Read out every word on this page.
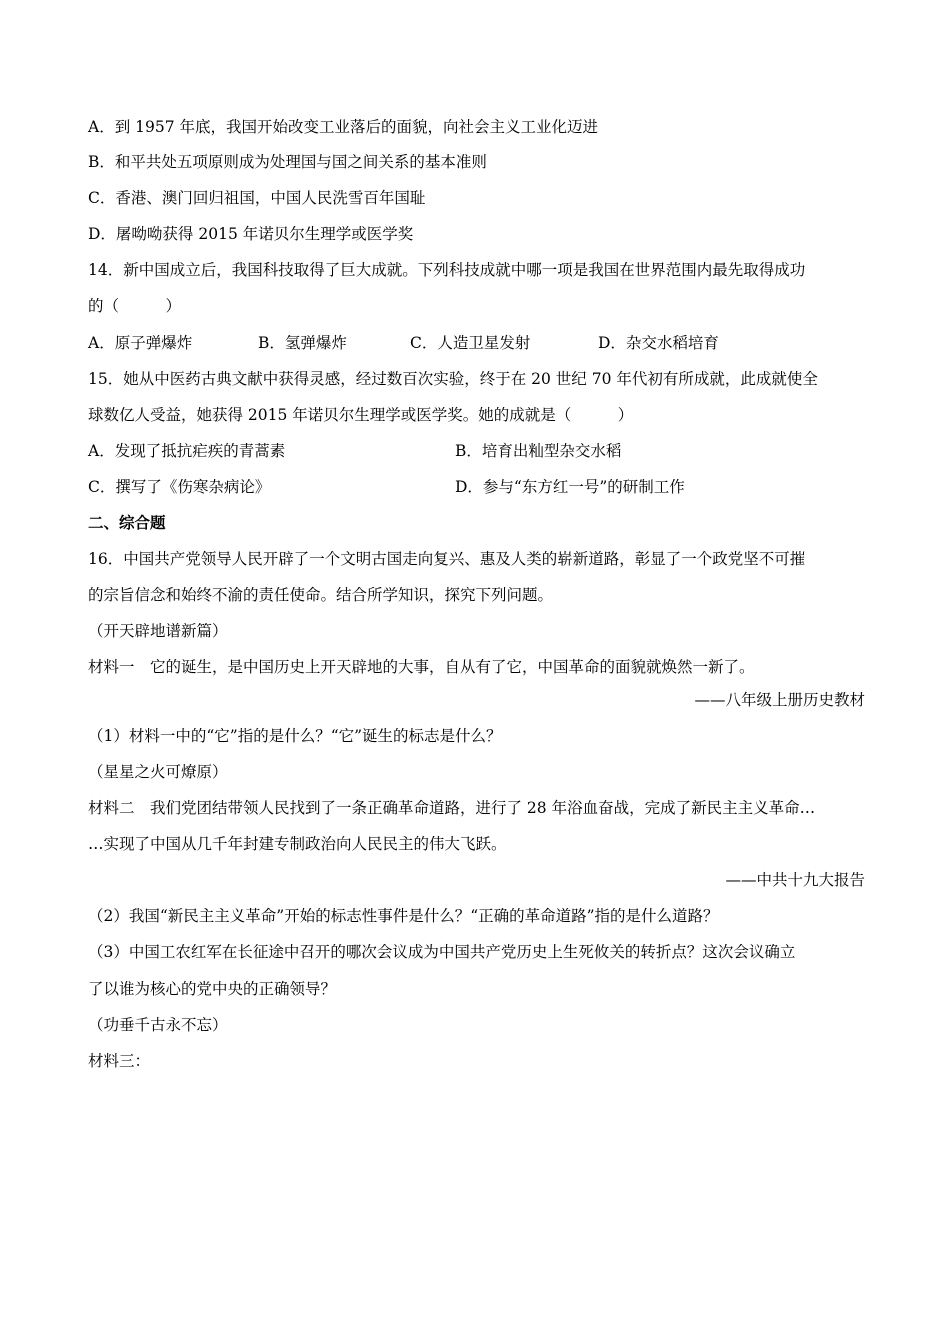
A．到 1957 年底，我国开始改变工业落后的面貌，向社会主义工业化迈进
B．和平共处五项原则成为处理国与国之间关系的基本准则
C．香港、澳门回归祖国，中国人民洗雪百年国耻
D．屠呦呦获得 2015 年诺贝尔生理学或医学奖
14．新中国成立后，我国科技取得了巨大成就。下列科技成就中哪一项是我国在世界范围内最先取得成功
的（　　　）
A．原子弹爆炸	B．氢弹爆炸	C．人造卫星发射	D．杂交水稻培育
15．她从中医药古典文献中获得灵感，经过数百次实验，终于在 20 世纪 70 年代初有所成就，此成就使全
球数亿人受益，她获得 2015 年诺贝尔生理学或医学奖。她的成就是（　　　）
A．发现了抵抗疟疾的青蒿素	B．培育出籼型杂交水稻
C．撰写了《伤寒杂病论》	D．参与“东方红一号”的研制工作
二、综合题
16．中国共产党领导人民开辟了一个文明古国走向复兴、惠及人类的崭新道路，彰显了一个政党坚不可摧
的宗旨信念和始终不渝的责任使命。结合所学知识，探究下列问题。
（开天辟地谱新篇）
材料一　它的诞生，是中国历史上开天辟地的大事，自从有了它，中国革命的面貌就焕然一新了。
——八年级上册历史教材
（1）材料一中的“它”指的是什么？“它”诞生的标志是什么？
（星星之火可燎原）
材料二　我们党团结带领人民找到了一条正确革命道路，进行了 28 年浴血奋战，完成了新民主主义革命…
…实现了中国从几千年封建专制政治向人民民主的伟大飞跃。
——中共十九大报告
（2）我国“新民主主义革命”开始的标志性事件是什么？“正确的革命道路”指的是什么道路？
（3）中国工农红军在长征途中召开的哪次会议成为中国共产党历史上生死攸关的转折点？这次会议确立
了以谁为核心的党中央的正确领导？
（功垂千古永不忘）
材料三：
